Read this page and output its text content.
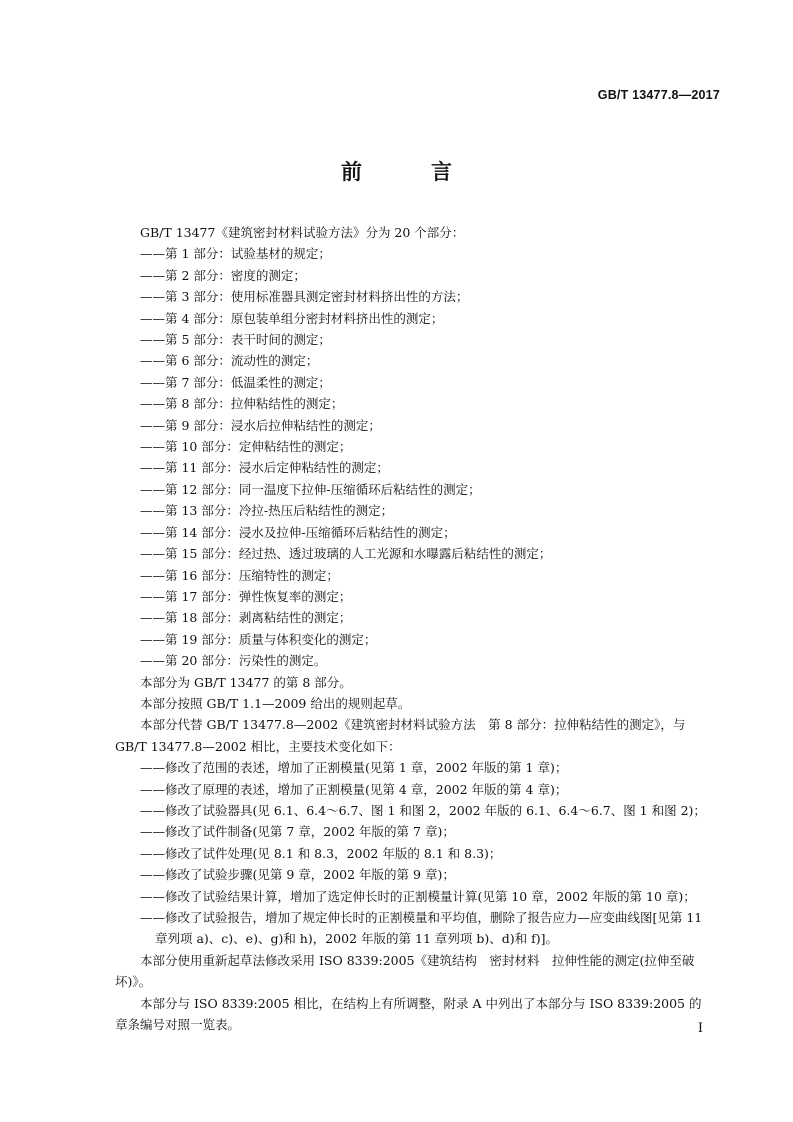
GB/T 13477.8—2017
前　言

GB/T 13477《建筑密封材料试验方法》分为 20 个部分：

——第 1 部分：试验基材的规定；

——第 2 部分：密度的测定；

——第 3 部分：使用标准器具测定密封材料挤出性的方法；

——第 4 部分：原包装单组分密封材料挤出性的测定；

——第 5 部分：表干时间的测定；

——第 6 部分：流动性的测定；

——第 7 部分：低温柔性的测定；

——第 8 部分：拉伸粘结性的测定；

——第 9 部分：浸水后拉伸粘结性的测定；

——第 10 部分：定伸粘结性的测定；

——第 11 部分：浸水后定伸粘结性的测定；

——第 12 部分：同一温度下拉伸-压缩循环后粘结性的测定；

——第 13 部分：冷拉-热压后粘结性的测定；

——第 14 部分：浸水及拉伸-压缩循环后粘结性的测定；

——第 15 部分：经过热、透过玻璃的人工光源和水曝露后粘结性的测定；

——第 16 部分：压缩特性的测定；

——第 17 部分：弹性恢复率的测定；

——第 18 部分：剥离粘结性的测定；

——第 19 部分：质量与体积变化的测定；

——第 20 部分：污染性的测定。

本部分为 GB/T 13477 的第 8 部分。

本部分按照 GB/T 1.1—2009 给出的规则起草。

本部分代替 GB/T 13477.8—2002《建筑密封材料试验方法　第 8 部分：拉伸粘结性的测定》，与 GB/T 13477.8—2002 相比，主要技术变化如下：

——修改了范围的表述，增加了正割模量(见第 1 章，2002 年版的第 1 章)；

——修改了原理的表述，增加了正割模量(见第 4 章，2002 年版的第 4 章)；

——修改了试验器具(见 6.1、6.4～6.7、图 1 和图 2，2002 年版的 6.1、6.4～6.7、图 1 和图 2)；

——修改了试件制备(见第 7 章，2002 年版的第 7 章)；

——修改了试件处理(见 8.1 和 8.3，2002 年版的 8.1 和 8.3)；

——修改了试验步骤(见第 9 章，2002 年版的第 9 章)；

——修改了试验结果计算，增加了选定伸长时的正割模量计算(见第 10 章，2002 年版的第 10 章)；

——修改了试验报告，增加了规定伸长时的正割模量和平均值，删除了报告应力—应变曲线图[见第 11 章列项 a)、c)、e)、g)和 h)，2002 年版的第 11 章列项 b)、d)和 f)]。

本部分使用重新起草法修改采用 ISO 8339:2005《建筑结构　密封材料　拉伸性能的测定(拉伸至破坏)》。

本部分与 ISO 8339:2005 相比，在结构上有所调整，附录 A 中列出了本部分与 ISO 8339:2005 的章条编号对照一览表。	I
